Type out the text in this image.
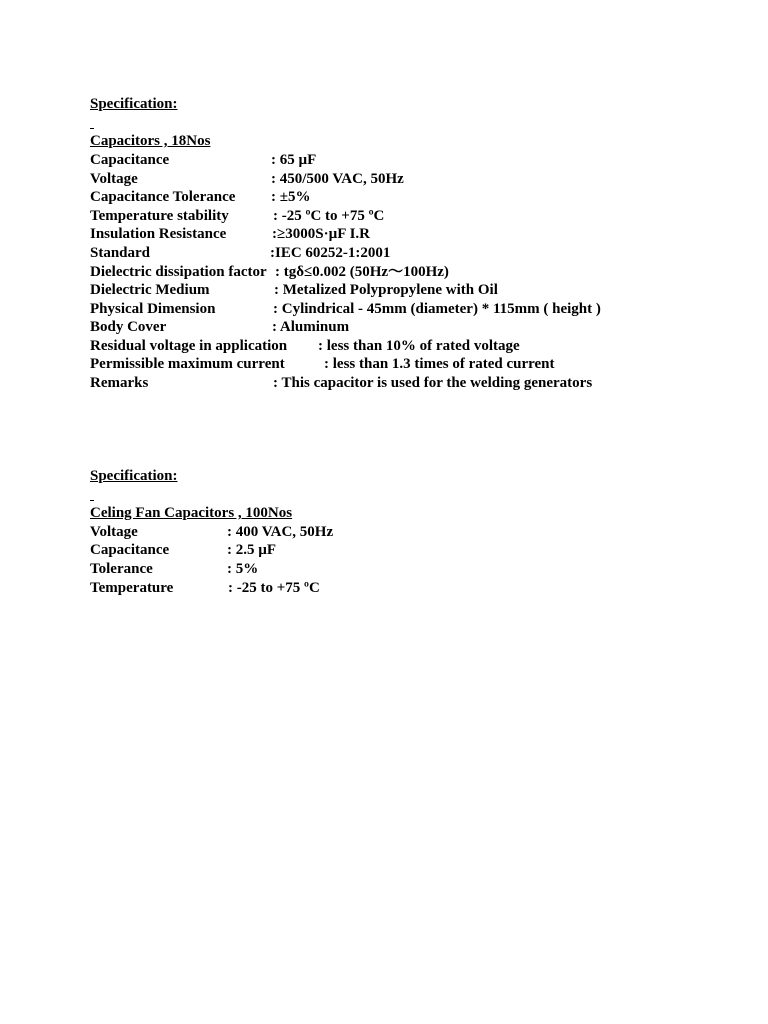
Specification:
Capacitors , 18Nos
Capacitance	: 65 µF
Voltage	: 450/500 VAC, 50Hz
Capacitance Tolerance : ±5%
Temperature stability	: -25 ºC to +75 ºC
Insulation Resistance	:≥3000S·µF I.R
Standard	:IEC 60252-1:2001
Dielectric dissipation factor : tgδ≤0.002 (50Hz～100Hz)
Dielectric Medium	: Metalized Polypropylene with Oil
Physical Dimension	: Cylindrical - 45mm (diameter) * 115mm ( height )
Body Cover	: Aluminum
Residual voltage in application : less than 10% of rated voltage
Permissible maximum current	: less than 1.3 times of rated current
Remarks	: This capacitor is used for the welding generators
Specification:
Celing Fan Capacitors , 100Nos
Voltage	: 400 VAC, 50Hz
Capacitance	: 2.5 µF
Tolerance	: 5%
Temperature	: -25 to +75 ºC
